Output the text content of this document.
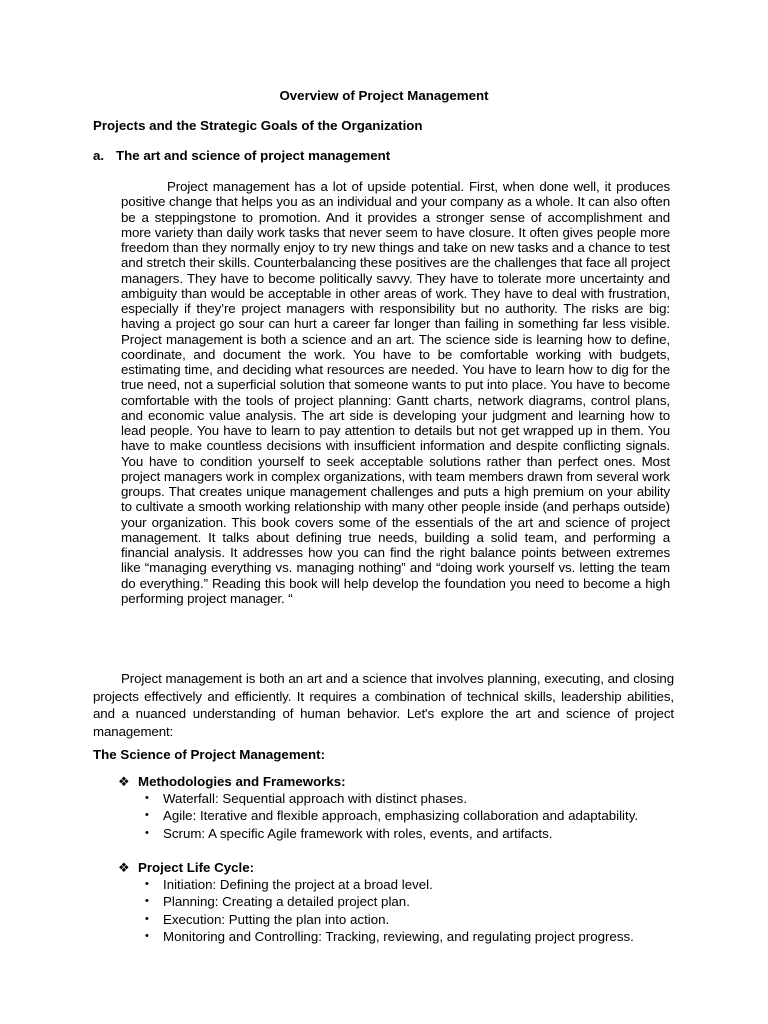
Overview of Project Management

Projects and the Strategic Goals of the Organization

a. The art and science of project management

Project management has a lot of upside potential. First, when done well, it produces positive change that helps you as an individual and your company as a whole. It can also often be a steppingstone to promotion. And it provides a stronger sense of accomplishment and more variety than daily work tasks that never seem to have closure. It often gives people more freedom than they normally enjoy to try new things and take on new tasks and a chance to test and stretch their skills. Counterbalancing these positives are the challenges that face all project managers. They have to become politically savvy. They have to tolerate more uncertainty and ambiguity than would be acceptable in other areas of work. They have to deal with frustration, especially if they’re project managers with responsibility but no authority. The risks are big: having a project go sour can hurt a career far longer than failing in something far less visible. Project management is both a science and an art. The science side is learning how to define, coordinate, and document the work. You have to be comfortable working with budgets, estimating time, and deciding what resources are needed. You have to learn how to dig for the true need, not a superficial solution that someone wants to put into place. You have to become comfortable with the tools of project planning: Gantt charts, network diagrams, control plans, and economic value analysis. The art side is developing your judgment and learning how to lead people. You have to learn to pay attention to details but not get wrapped up in them. You have to make countless decisions with insufficient information and despite conflicting signals. You have to condition yourself to seek acceptable solutions rather than perfect ones. Most project managers work in complex organizations, with team members drawn from several work groups. That creates unique management challenges and puts a high premium on your ability to cultivate a smooth working relationship with many other people inside (and perhaps outside) your organization. This book covers some of the essentials of the art and science of project management. It talks about defining true needs, building a solid team, and performing a financial analysis. It addresses how you can find the right balance points between extremes like “managing everything vs. managing nothing” and “doing work yourself vs. letting the team do everything.” Reading this book will help develop the foundation you need to become a high performing project manager. “

Project management is both an art and a science that involves planning, executing, and closing projects effectively and efficiently. It requires a combination of technical skills, leadership abilities, and a nuanced understanding of human behavior. Let's explore the art and science of project management:

The Science of Project Management:

❖ Methodologies and Frameworks:

• Waterfall: Sequential approach with distinct phases.
• Agile: Iterative and flexible approach, emphasizing collaboration and adaptability.
• Scrum: A specific Agile framework with roles, events, and artifacts.

❖ Project Life Cycle:

• Initiation: Defining the project at a broad level.
• Planning: Creating a detailed project plan.
• Execution: Putting the plan into action.
• Monitoring and Controlling: Tracking, reviewing, and regulating project progress.
